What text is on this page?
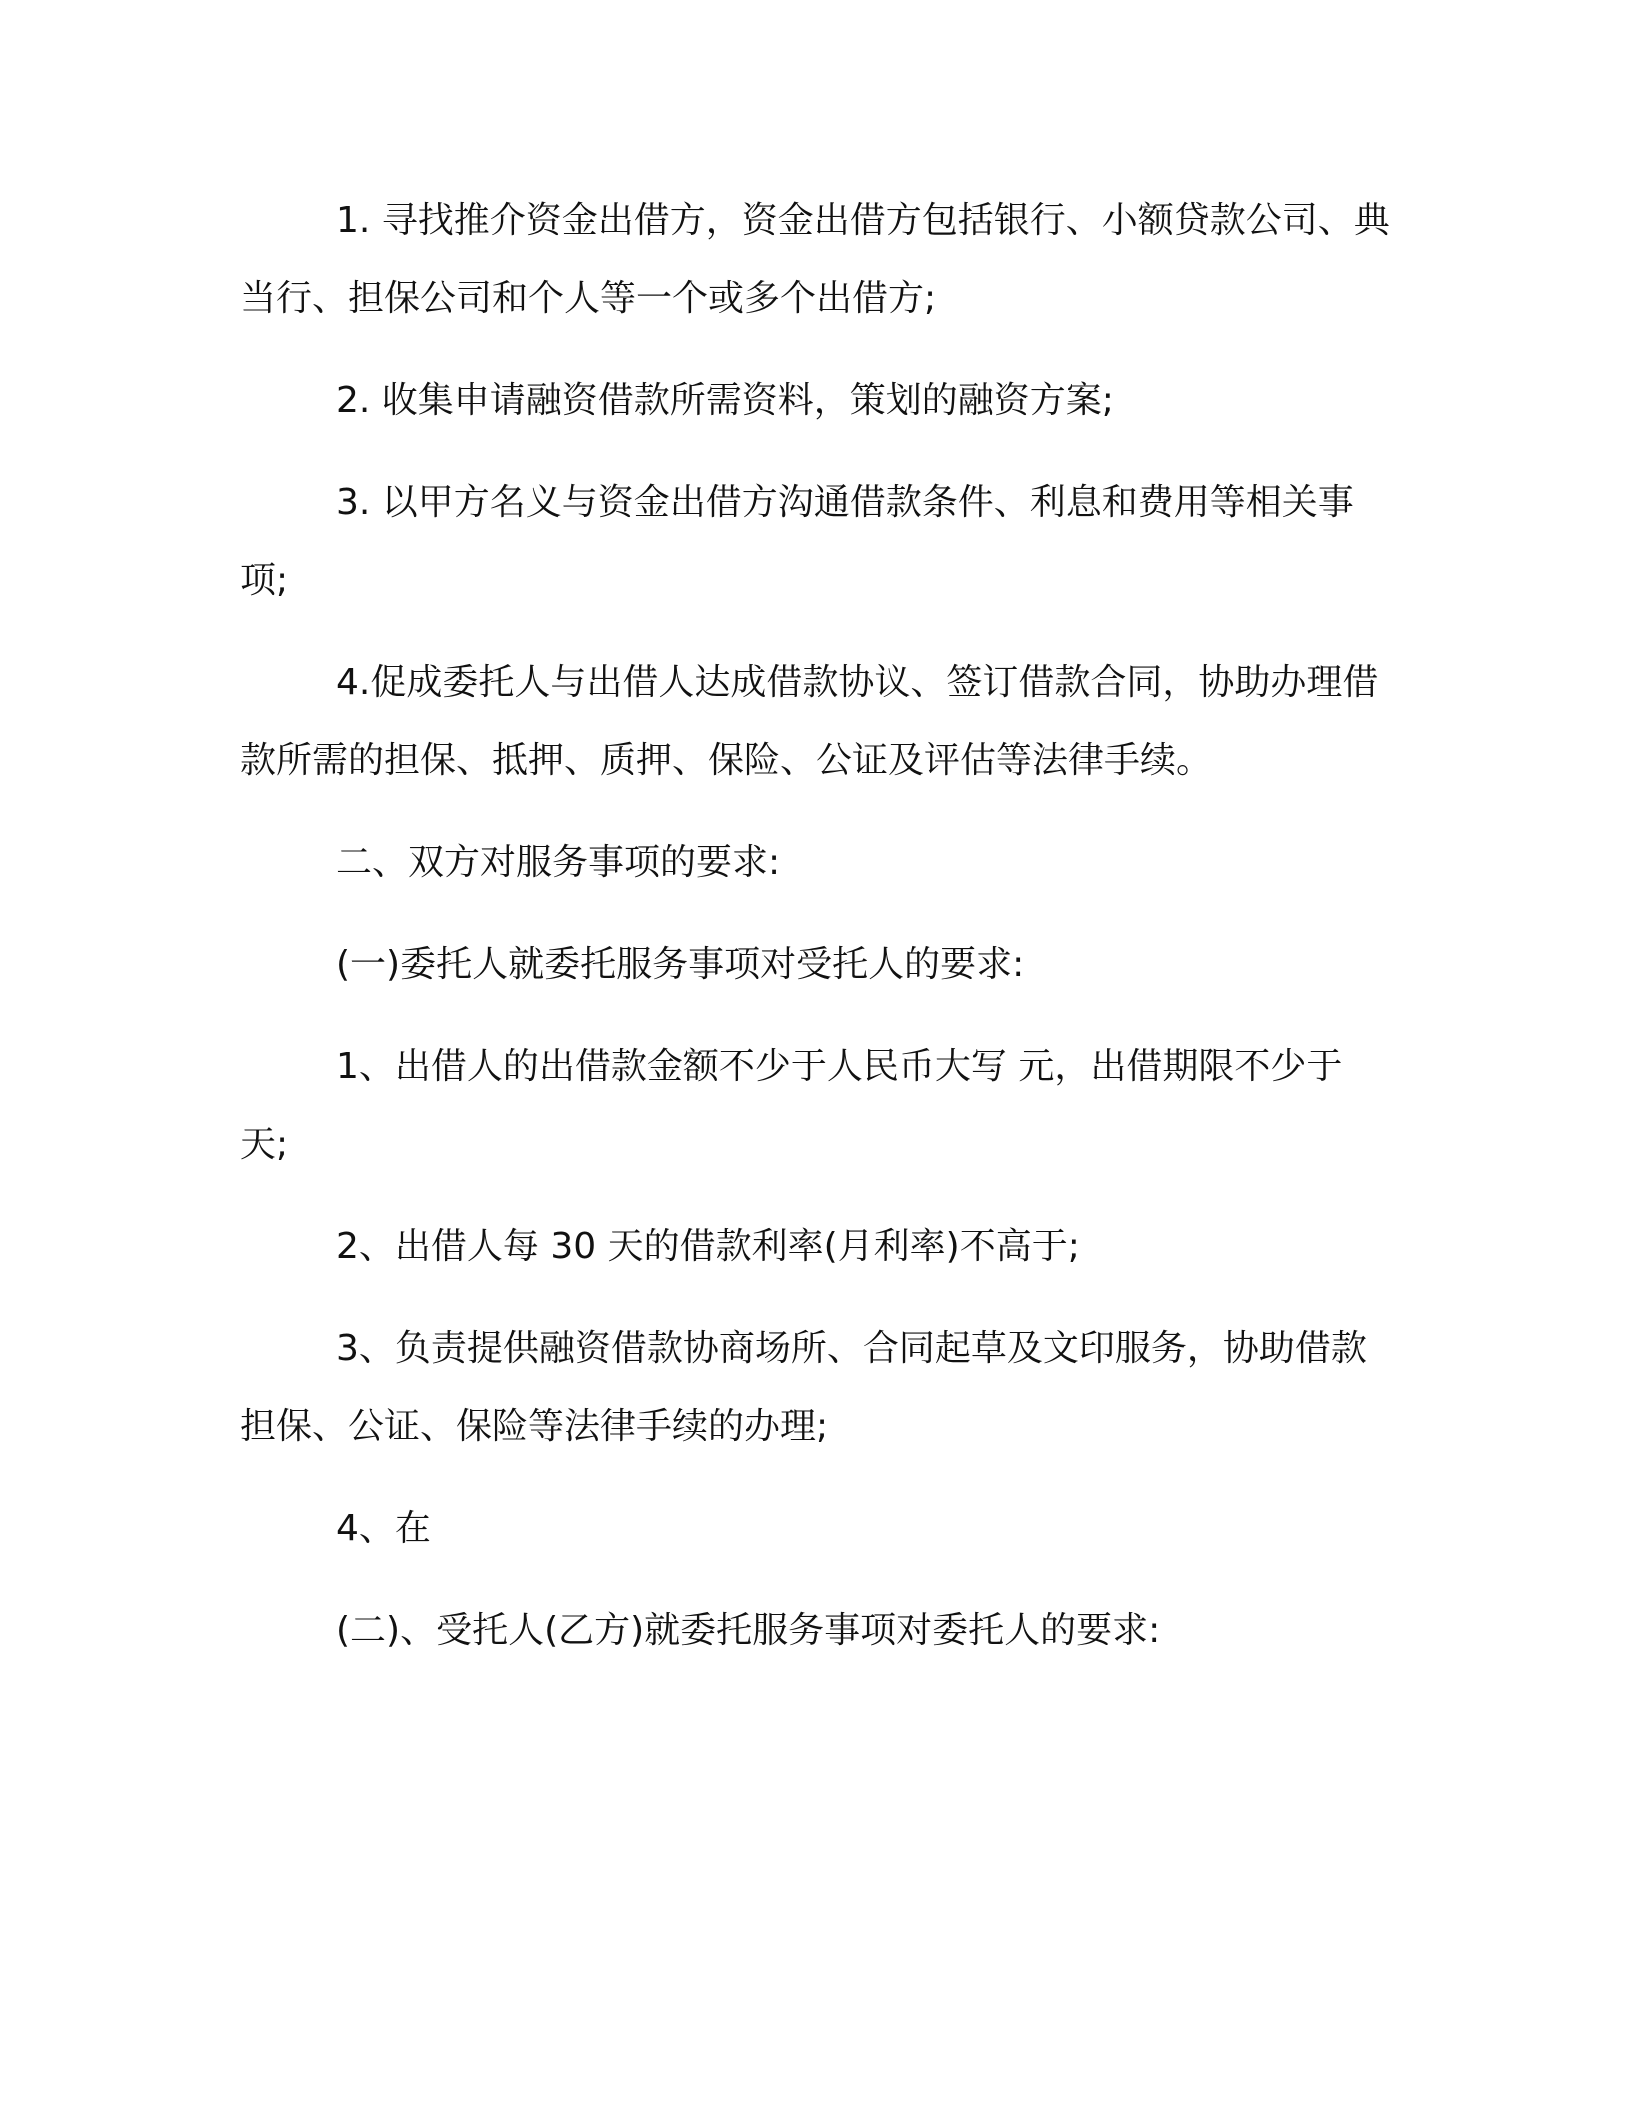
1. 寻找推介资金出借方，资金出借方包括银行、小额贷款公司、典当行、担保公司和个人等一个或多个出借方;

2. 收集申请融资借款所需资料，策划的融资方案;

3. 以甲方名义与资金出借方沟通借款条件、利息和费用等相关事项;

4.促成委托人与出借人达成借款协议、签订借款合同，协助办理借款所需的担保、抵押、质押、保险、公证及评估等法律手续。

二、双方对服务事项的要求:

(一)委托人就委托服务事项对受托人的要求:

1、出借人的出借款金额不少于人民币大写 元，出借期限不少于 天;

2、出借人每 30 天的借款利率(月利率)不高于;

3、负责提供融资借款协商场所、合同起草及文印服务，协助借款担保、公证、保险等法律手续的办理;

4、在

(二)、受托人(乙方)就委托服务事项对委托人的要求:
